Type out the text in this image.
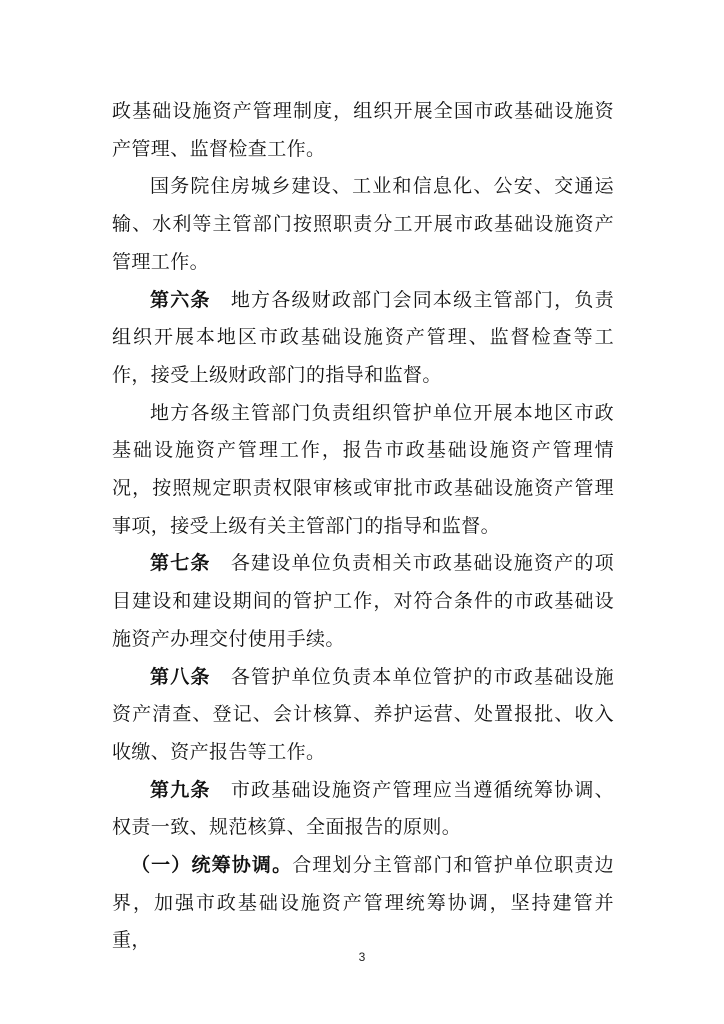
政基础设施资产管理制度，组织开展全国市政基础设施资产管理、监督检查工作。

国务院住房城乡建设、工业和信息化、公安、交通运输、水利等主管部门按照职责分工开展市政基础设施资产管理工作。

第六条  地方各级财政部门会同本级主管部门，负责组织开展本地区市政基础设施资产管理、监督检查等工作，接受上级财政部门的指导和监督。

地方各级主管部门负责组织管护单位开展本地区市政基础设施资产管理工作，报告市政基础设施资产管理情况，按照规定职责权限审核或审批市政基础设施资产管理事项，接受上级有关主管部门的指导和监督。

第七条  各建设单位负责相关市政基础设施资产的项目建设和建设期间的管护工作，对符合条件的市政基础设施资产办理交付使用手续。

第八条  各管护单位负责本单位管护的市政基础设施资产清查、登记、会计核算、养护运营、处置报批、收入收缴、资产报告等工作。

第九条  市政基础设施资产管理应当遵循统筹协调、权责一致、规范核算、全面报告的原则。

（一）统筹协调。合理划分主管部门和管护单位职责边界，加强市政基础设施资产管理统筹协调，坚持建管并重，

3
